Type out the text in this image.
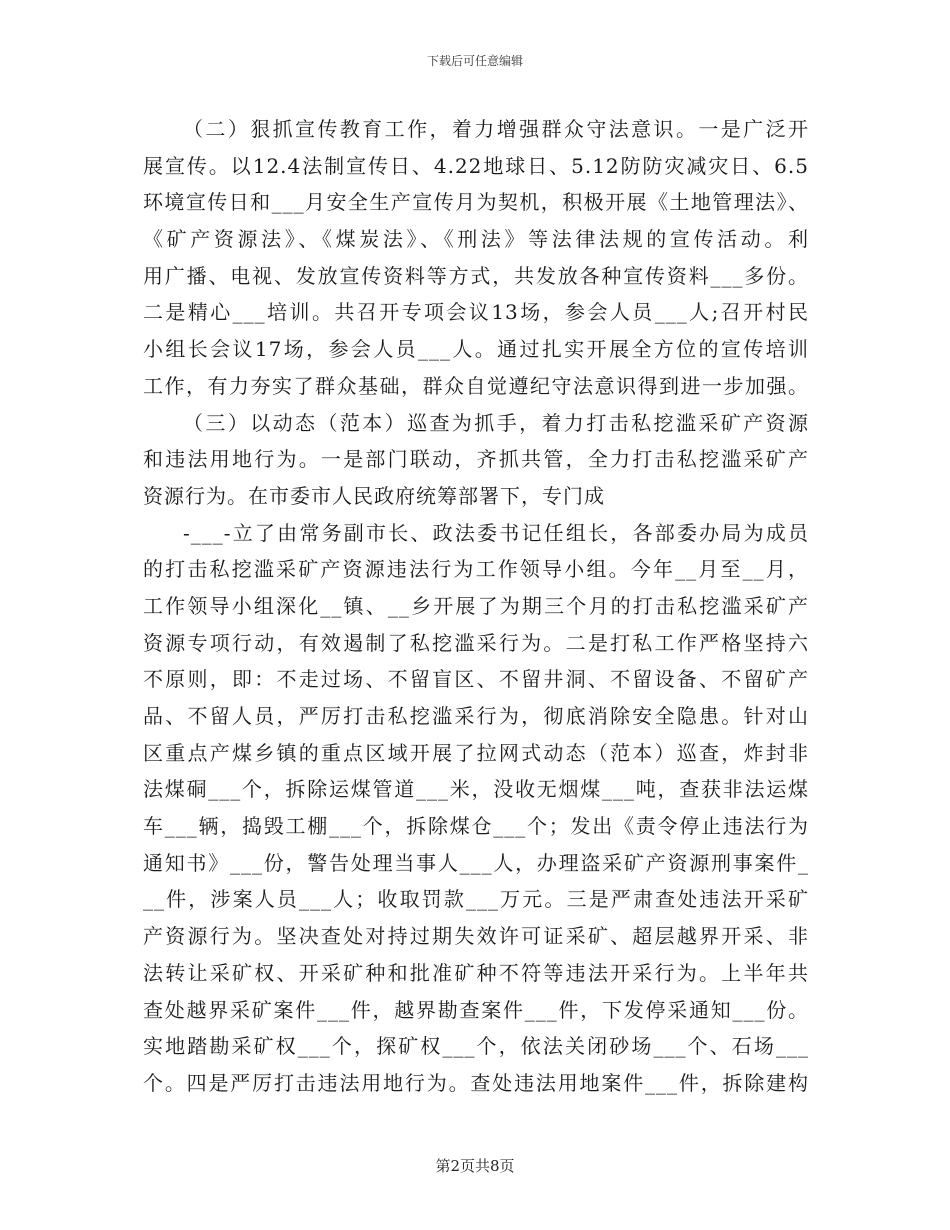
下载后可任意编辑
（二）狠抓宣传教育工作，着力增强群众守法意识。一是广泛开
展宣传。以12.4法制宣传日、4.22地球日、5.12防防灾减灾日、6.5
环境宣传日和___月安全生产宣传月为契机，积极开展《土地管理法》、
《矿产资源法》、《煤炭法》、《刑法》等法律法规的宣传活动。利
用广播、电视、发放宣传资料等方式，共发放各种宣传资料___多份。
二是精心___培训。共召开专项会议13场，参会人员___人;召开村民
小组长会议17场，参会人员___人。通过扎实开展全方位的宣传培训
工作，有力夯实了群众基础，群众自觉遵纪守法意识得到进一步加强。
（三）以动态（范本）巡查为抓手，着力打击私挖滥采矿产资源
和违法用地行为。一是部门联动，齐抓共管，全力打击私挖滥采矿产
资源行为。在市委市人民政府统筹部署下，专门成
-___-立了由常务副市长、政法委书记任组长，各部委办局为成员
的打击私挖滥采矿产资源违法行为工作领导小组。今年__月至__月，
工作领导小组深化__镇、__乡开展了为期三个月的打击私挖滥采矿产
资源专项行动，有效遏制了私挖滥采行为。二是打私工作严格坚持六
不原则，即：不走过场、不留盲区、不留井洞、不留设备、不留矿产
品、不留人员，严厉打击私挖滥采行为，彻底消除安全隐患。针对山
区重点产煤乡镇的重点区域开展了拉网式动态（范本）巡查，炸封非
法煤硐___个，拆除运煤管道___米，没收无烟煤___吨，查获非法运煤
车___辆，捣毁工棚___个，拆除煤仓___个；发出《责令停止违法行为
通知书》___份，警告处理当事人___人，办理盗采矿产资源刑事案件_
__件，涉案人员___人；收取罚款___万元。三是严肃查处违法开采矿
产资源行为。坚决查处对持过期失效许可证采矿、超层越界开采、非
法转让采矿权、开采矿种和批准矿种不符等违法开采行为。上半年共
查处越界采矿案件___件，越界勘查案件___件，下发停采通知___份。
实地踏勘采矿权___个，探矿权___个，依法关闭砂场___个、石场___
个。四是严厉打击违法用地行为。查处违法用地案件___件，拆除建构
第2页共8页
